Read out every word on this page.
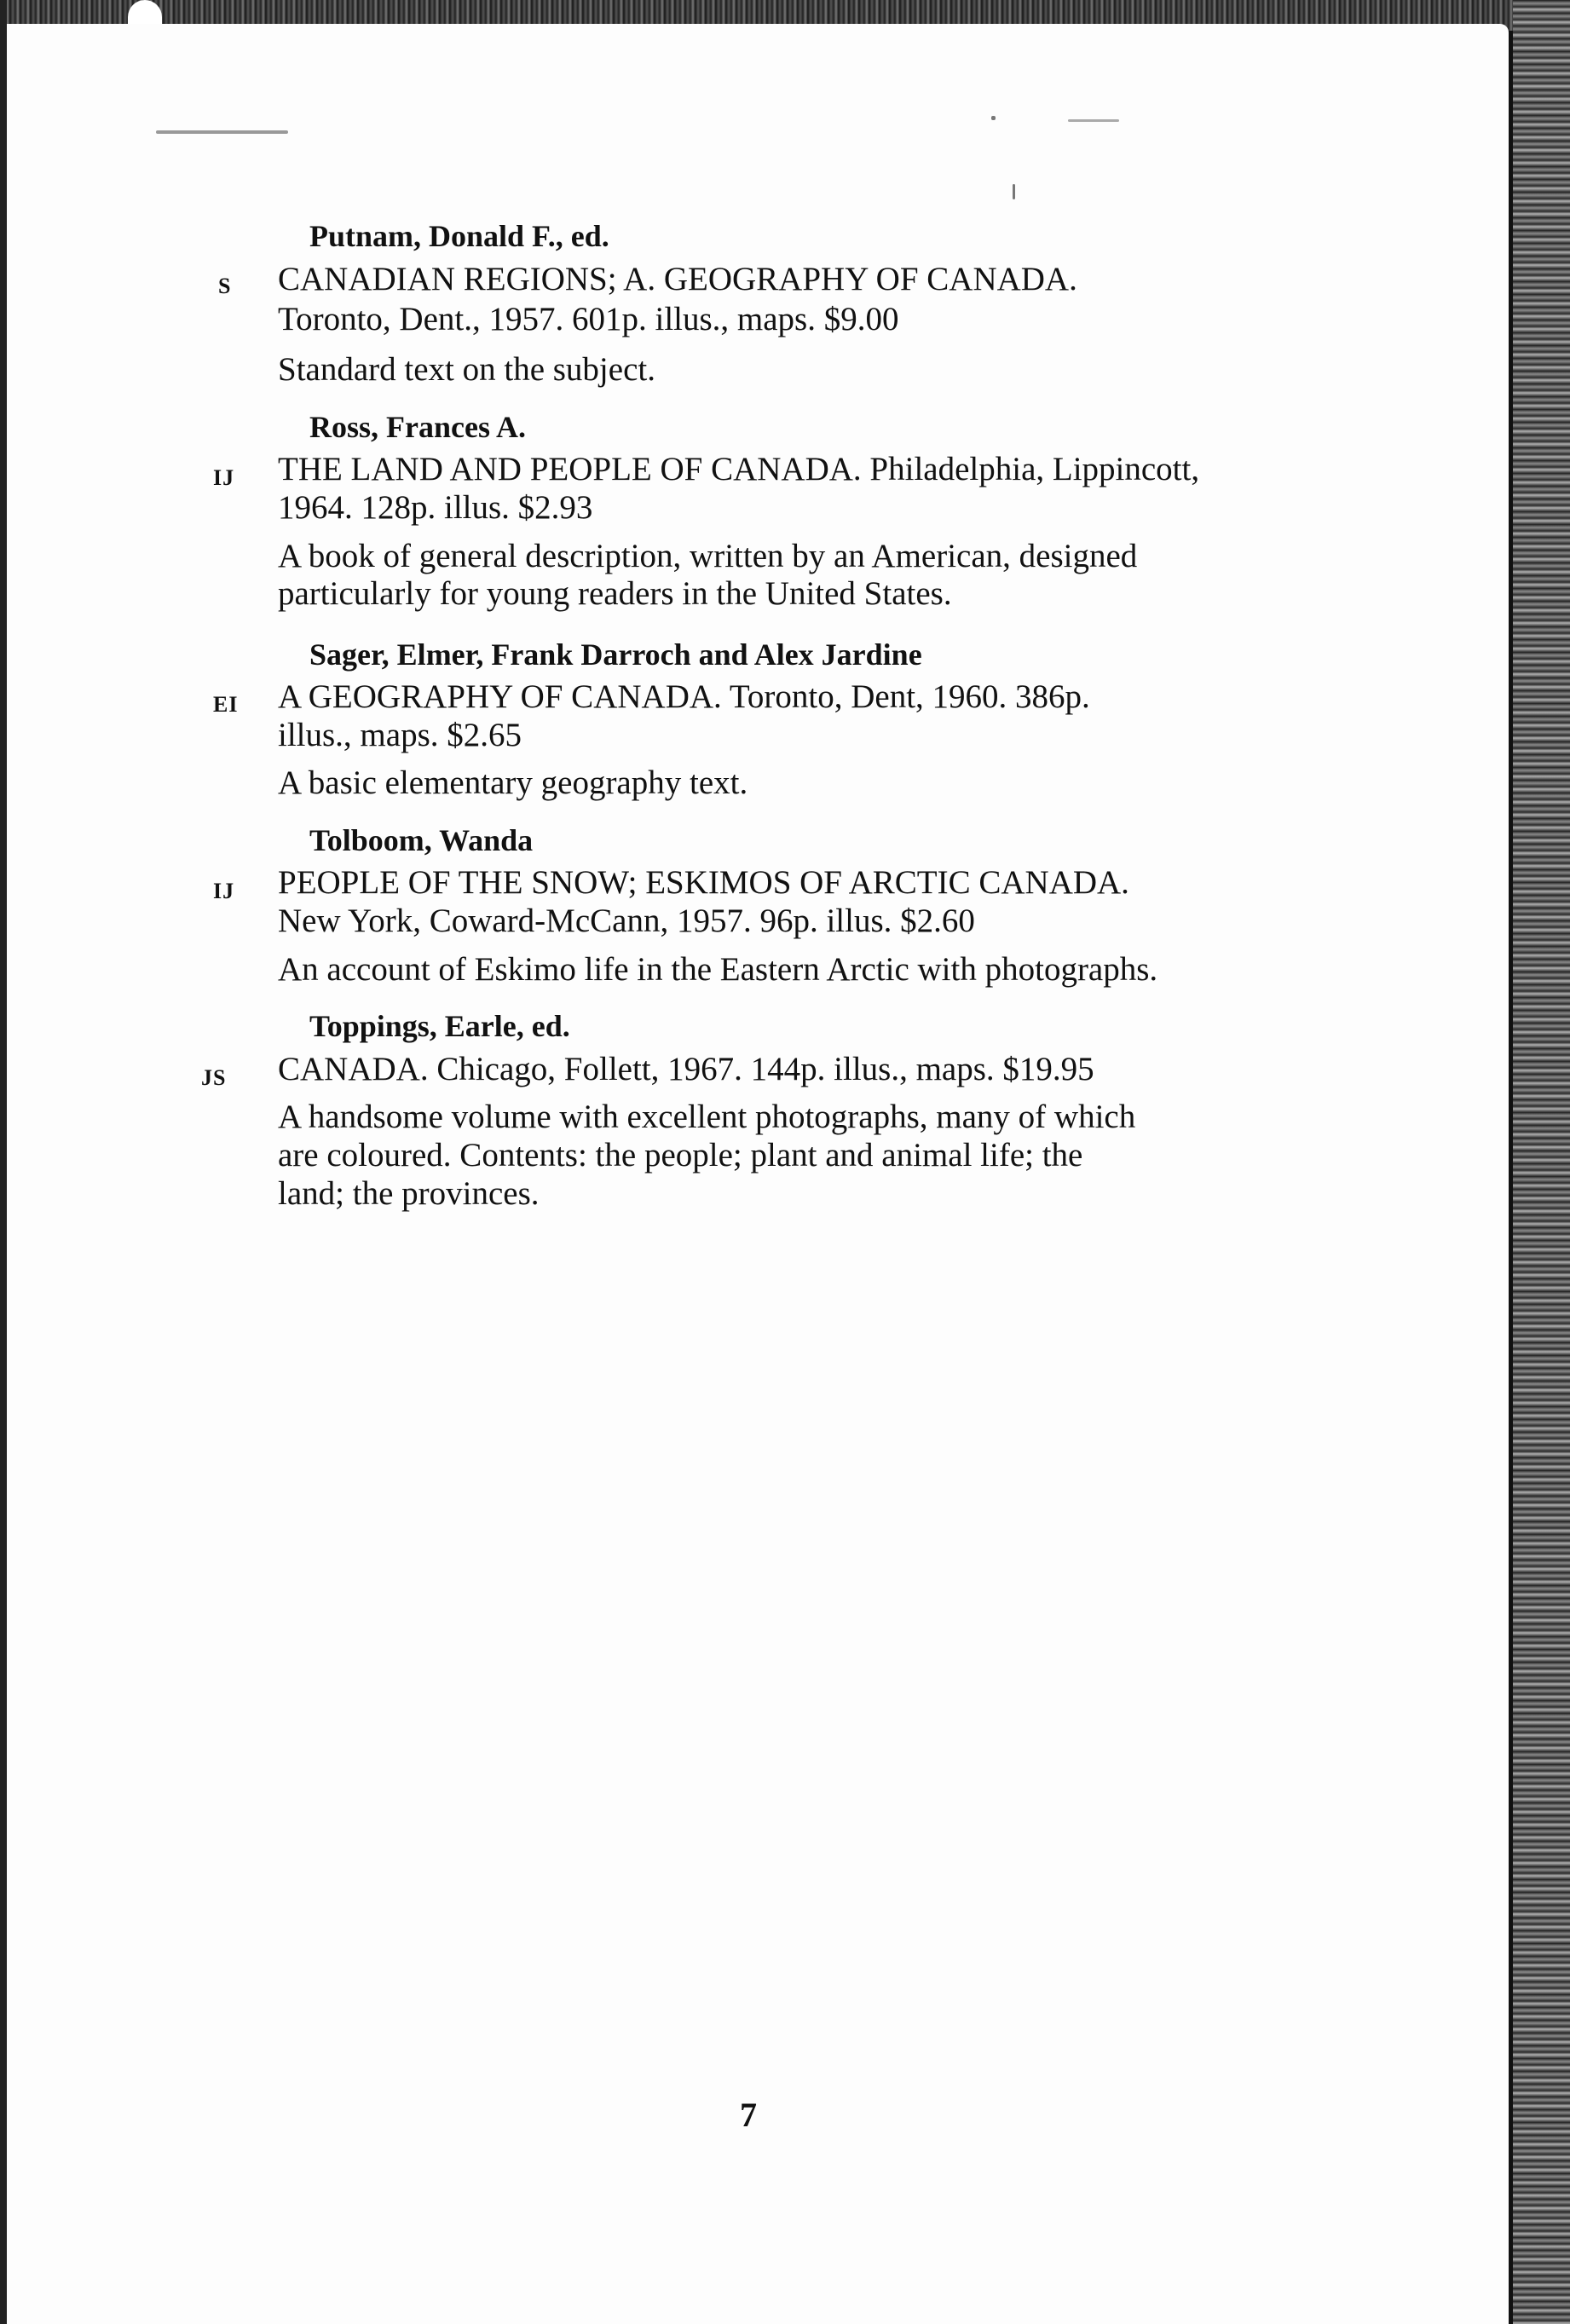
Putnam, Donald F., ed.
S CANADIAN REGIONS; A. GEOGRAPHY OF CANADA.
Toronto, Dent., 1957. 601p. illus., maps. $9.00
Standard text on the subject.
Ross, Frances A.
IJ THE LAND AND PEOPLE OF CANADA. Philadelphia, Lippincott,
1964. 128p. illus. $2.93
A book of general description, written by an American, designed
particularly for young readers in the United States.
Sager, Elmer, Frank Darroch and Alex Jardine
EI A GEOGRAPHY OF CANADA. Toronto, Dent, 1960. 386p.
illus., maps. $2.65
A basic elementary geography text.
Tolboom, Wanda
IJ PEOPLE OF THE SNOW; ESKIMOS OF ARCTIC CANADA.
New York, Coward-McCann, 1957. 96p. illus. $2.60
An account of Eskimo life in the Eastern Arctic with photographs.
Toppings, Earle, ed.
JS CANADA. Chicago, Follett, 1967. 144p. illus., maps. $19.95
A handsome volume with excellent photographs, many of which
are coloured. Contents: the people; plant and animal life; the
land; the provinces.
7
